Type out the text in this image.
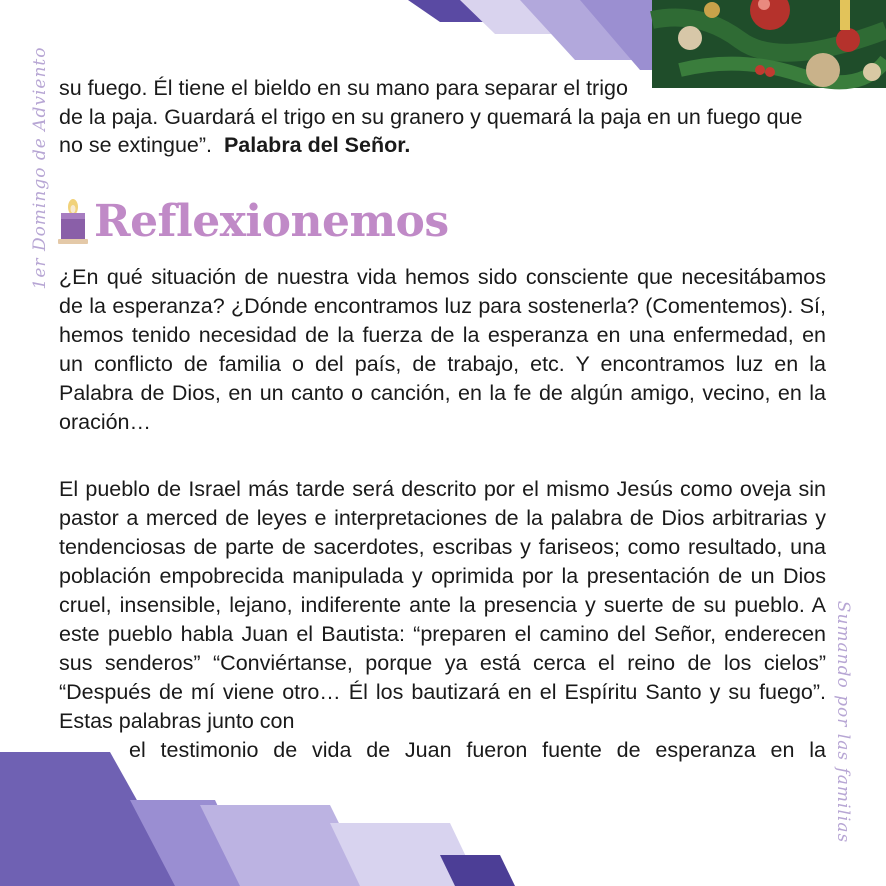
1er Domingo de Adviento
Sumando por las familias
su fuego. Él tiene el bieldo en su mano para separar el trigo
de la paja. Guardará el trigo en su granero y quemará la paja en un fuego que no se extingue”. Palabra del Señor.
Reflexionemos
¿En qué situación de nuestra vida hemos sido consciente que necesitábamos de la esperanza? ¿Dónde encontramos luz para sostenerla? (Comentemos). Sí, hemos tenido necesidad de la fuerza de la esperanza en una enfermedad, en un conflicto de familia o del país, de trabajo, etc. Y encontramos luz en la Palabra de Dios, en un canto o canción, en la fe de algún amigo, vecino, en la oración…
El pueblo de Israel más tarde será descrito por el mismo Jesús como oveja sin pastor a merced de leyes e interpretaciones de la palabra de Dios arbitrarias y tendenciosas de parte de sacerdotes, escribas y fariseos; como resultado, una población empobrecida manipulada y oprimida por la presentación de un Dios cruel, insensible, lejano, indiferente ante la presencia y suerte de su pueblo. A este pueblo habla Juan el Bautista: “preparen el camino del Señor, enderecen sus senderos” “Conviértanse, porque ya está cerca el reino de los cielos” “Después de mí viene otro… Él los bautizará en el Espíritu Santo y su fuego”. Estas palabras junto con
el testimonio de vida de Juan fueron fuente de esperanza en la
